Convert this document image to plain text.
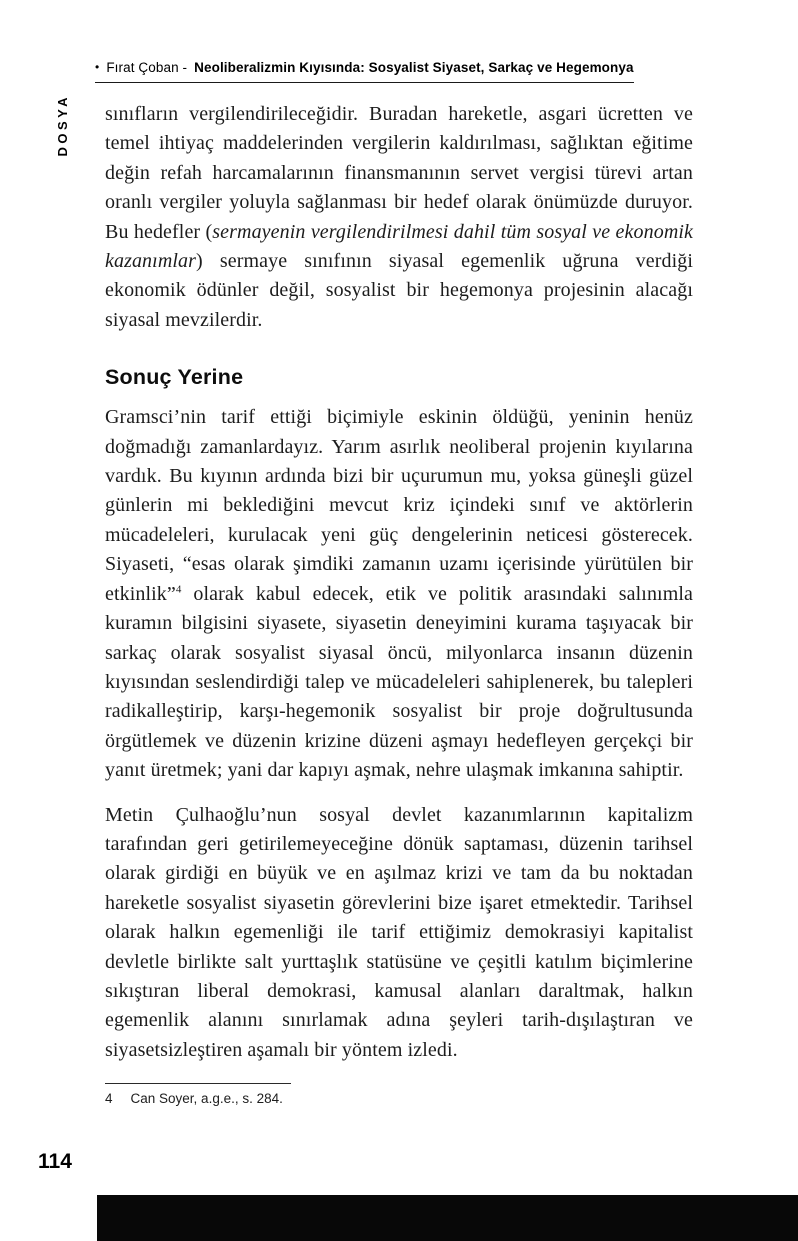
• Fırat Çoban - Neoliberalizmin Kıyısında: Sosyalist Siyaset, Sarkaç ve Hegemonya
DOSYA sınıfların vergilendirileceğidir. Buradan hareketle, asgari ücretten ve temel ihtiyaç maddelerinden vergilerin kaldırılması, sağlıktan eğitime değin refah harcamalarının finansmanının servet vergisi türevi artan oranlı vergiler yoluyla sağlanması bir hedef olarak önümüzde duruyor. Bu hedefler (sermayenin vergilendirilmesi dahil tüm sosyal ve ekonomik kazanımlar) sermaye sınıfının siyasal egemenlik uğruna verdiği ekonomik ödünler değil, sosyalist bir hegemonya projesinin alacağı siyasal mevzilerdir.

Sonuç Yerine

Gramsci’nin tarif ettiği biçimiyle eskinin öldüğü, yeninin henüz doğmadığı zamanlardayız. Yarım asırlık neoliberal projenin kıyılarına vardık. Bu kıyının ardında bizi bir uçurumun mu, yoksa güneşli güzel günlerin mi beklediğini mevcut kriz içindeki sınıf ve aktörlerin mücadeleleri, kurulacak yeni güç dengelerinin neticesi gösterecek. Siyaseti, “esas olarak şimdiki zamanın uzamı içerisinde yürütülen bir etkinlik”$^4$ olarak kabul edecek, etik ve politik arasındaki salınımla kuramın bilgisini siyasete, siyasetin deneyimini kurama taşıyacak bir sarkaç olarak sosyalist siyasal öncü, milyonlarca insanın düzenin kıyısından seslendirdiği talep ve mücadeleleri sahiplenerek, bu talepleri radikalleştirip, karşı-hegemonik sosyalist bir proje doğrultusunda örgütlemek ve düzenin krizine düzeni aşmayı hedefleyen gerçekçi bir yanıt üretmek; yani dar kapıyı aşmak, nehre ulaşmak imkanına sahiptir.

Metin Çulhaoğlu’nun sosyal devlet kazanımlarının kapitalizm tarafından geri getirilemeyeceğine dönük saptaması, düzenin tarihsel olarak girdiği en büyük ve en aşılmaz krizi ve tam da bu noktadan hareketle sosyalist siyasetin görevlerini bize işaret etmektedir. Tarihsel olarak halkın egemenliği ile tarif ettiğimiz demokrasiyi kapitalist devletle birlikte salt yurttaşlık statüsüne ve çeşitli katılım biçimlerine sıkıştıran liberal demokrasi, kamusal alanları daraltmak, halkın egemenlik alanını sınırlamak adına şeyleri tarih-dışılaştıran ve siyasetsizleştiren aşamalı bir yöntem izledi.

4 Can Soyer, a.g.e., s. 284.
114
